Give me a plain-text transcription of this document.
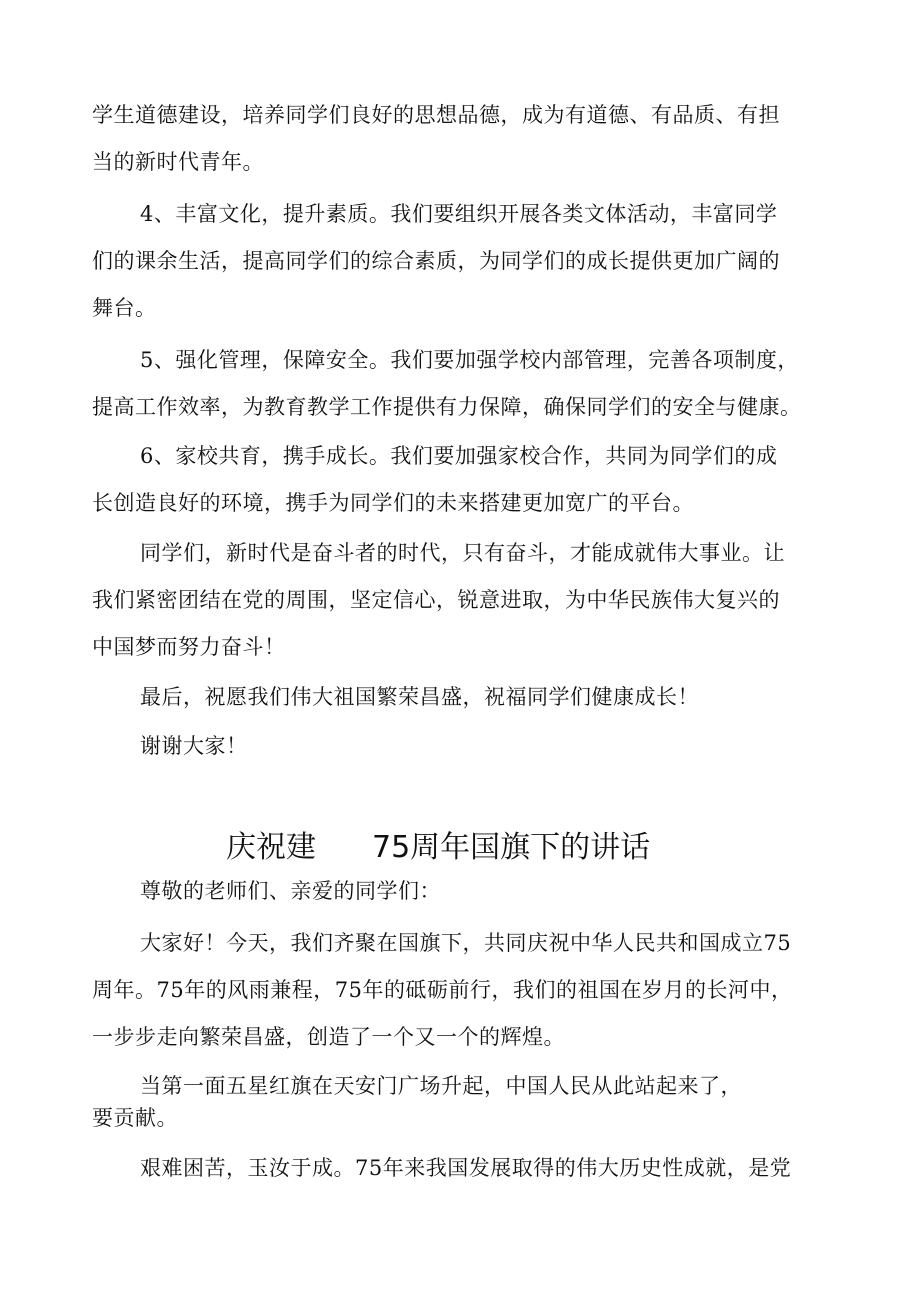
学生道德建设，培养同学们良好的思想品德，成为有道德、有品质、有担
当的新时代青年。
4、丰富文化，提升素质。我们要组织开展各类文体活动，丰富同学
们的课余生活，提高同学们的综合素质，为同学们的成长提供更加广阔的
舞台。
5、强化管理，保障安全。我们要加强学校内部管理，完善各项制度，
提高工作效率，为教育教学工作提供有力保障，确保同学们的安全与健康。
6、家校共育，携手成长。我们要加强家校合作，共同为同学们的成
长创造良好的环境，携手为同学们的未来搭建更加宽广的平台。
同学们，新时代是奋斗者的时代，只有奋斗，才能成就伟大事业。让
我们紧密团结在党的周围，坚定信心，锐意进取，为中华民族伟大复兴的
中国梦而努力奋斗！
最后，祝愿我们伟大祖国繁荣昌盛，祝福同学们健康成长！
谢谢大家！
庆祝建 75周年国旗下的讲话
尊敬的老师们、亲爱的同学们：
大家好！今天，我们齐聚在国旗下，共同庆祝中华人民共和国成立75
周年。75年的风雨兼程，75年的砥砺前行，我们的祖国在岁月的长河中，
一步步走向繁荣昌盛，创造了一个又一个的辉煌。
当第一面五星红旗在天安门广场升起，中国人民从此站起来了，
要贡献。
艰难困苦，玉汝于成。75年来我国发展取得的伟大历史性成就，是党
